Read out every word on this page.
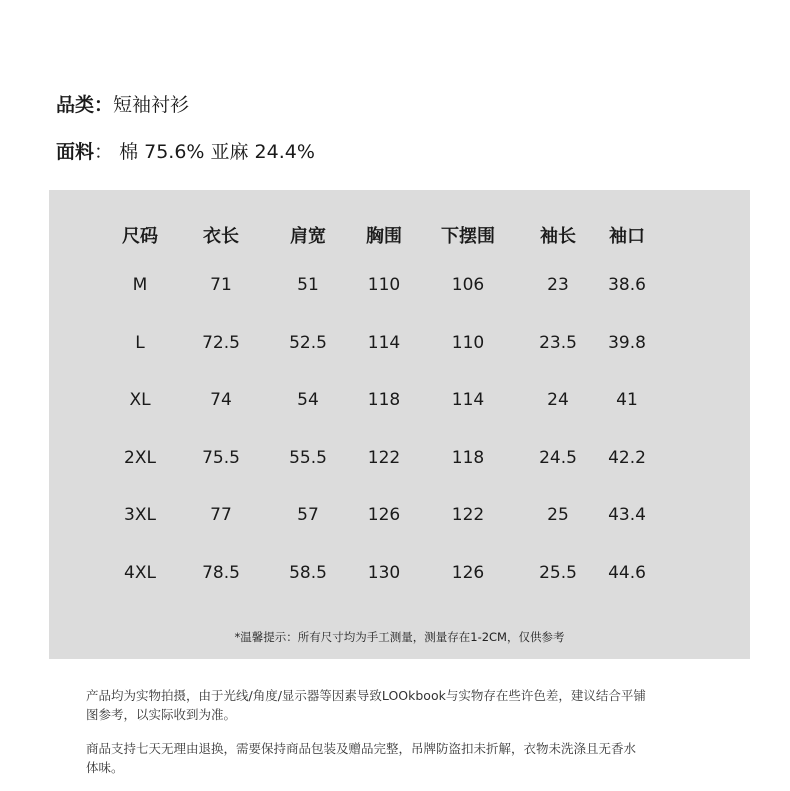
品类：短袖衬衫
面料： 棉 75.6% 亚麻 24.4%
尺码	衣长	肩宽 胸围 下摆围	袖长 袖口
M	71	51	110	106	23 38.6
L	72.5	52.5 114	110	23.5 39.8
XL	74	54	118	114	24	41
2XL	75.5	55.5 122	118	24.5 42.2
3XL	77	57	126	122	25 43.4
4XL	78.5	58.5 130	126	25.5 44.6
*温馨提示：所有尺寸均为手工测量，测量存在1-2CM，仅供参考
产品均为实物拍摄，由于光线/角度/显示器等因素导致LOOkbook与实物存在些许色差，建议结合平铺图参考，以实际收到为准。
商品支持七天无理由退换，需要保持商品包装及赠品完整，吊牌防盗扣未折解，衣物未洗涤且无香水体味。
